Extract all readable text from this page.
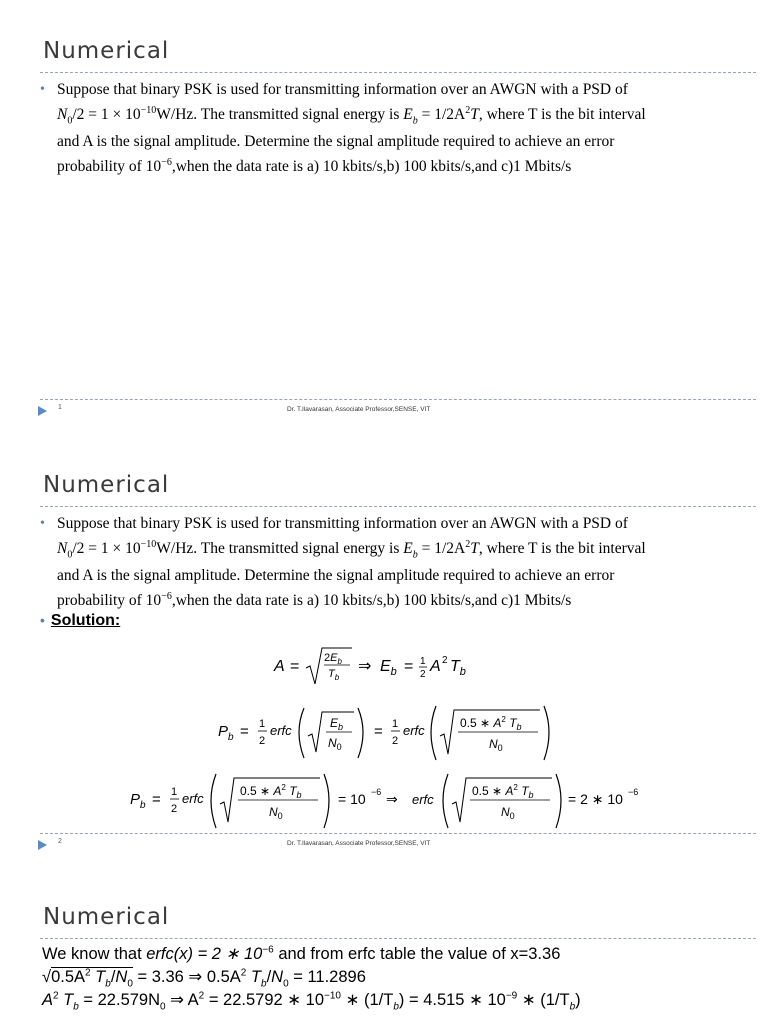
Numerical
• Suppose that binary PSK is used for transmitting information over an AWGN with a PSD of
$N_0/2 = 1 \times 10^{-10}W/Hz$. The transmitted signal energy is $E_b = 1/2A^2T$, where T is the bit interval
and A is the signal amplitude. Determine the signal amplitude required to achieve an error
probability of $10^{-6},when$ the data rate is a) 10 kbits/s,b) 100 kbits/s,and c)1 Mbits/s
1	Dr. T.Ilavarasan, Associate Professor,SENSE, VIT
Numerical
• Suppose that binary PSK is used for transmitting information over an AWGN with a PSD of
$N_0/2 = 1 \times 10^{-10}W/Hz$. The transmitted signal energy is $E_b = 1/2A^2T$, where T is the bit interval
and A is the signal amplitude. Determine the signal amplitude required to achieve an error
probability of $10^{-6},when$ the data rate is a) 10 kbits/s,b) 100 kbits/s,and c)1 Mbits/s
• Solution:
$A = 2E_b$
$T_b$
⇒ $E_b = 1$
2 A 2 $T_b$
$P_b = 1$
2
erfc	$E_b$
$N_0$
= 1
2
erfc	0.5 ∗ $A^2$ $T_b$
$N_0$
$P_b = 1$
2
erfc	0.5 ∗ $A^2$ $T_b$
$N_0$
= 10 −6 ⇒ erfc
0.5 ∗ $A^2$ $T_b$
$N_0$
= 2 ∗ 10 −6
2	Dr. T.Ilavarasan, Associate Professor,SENSE, VIT
Numerical
We know that erfc(x) = 2 ∗ $10^{-6}$ and from erfc table the value of x=3.36
$√0.5A^2$ $T_b/N_0 = 3.36$ ⇒ $0.5A^2$ $T_b/N_0 = 11.2896$
$A^2$ $T_b = 22.579N_0$ ⇒ $A^2 = 22.5792$ ∗ $10^{-10}$ ∗ $(1/T_b) = 4.515$ ∗ $10^{-9}$ ∗ $(1/T_b)$
